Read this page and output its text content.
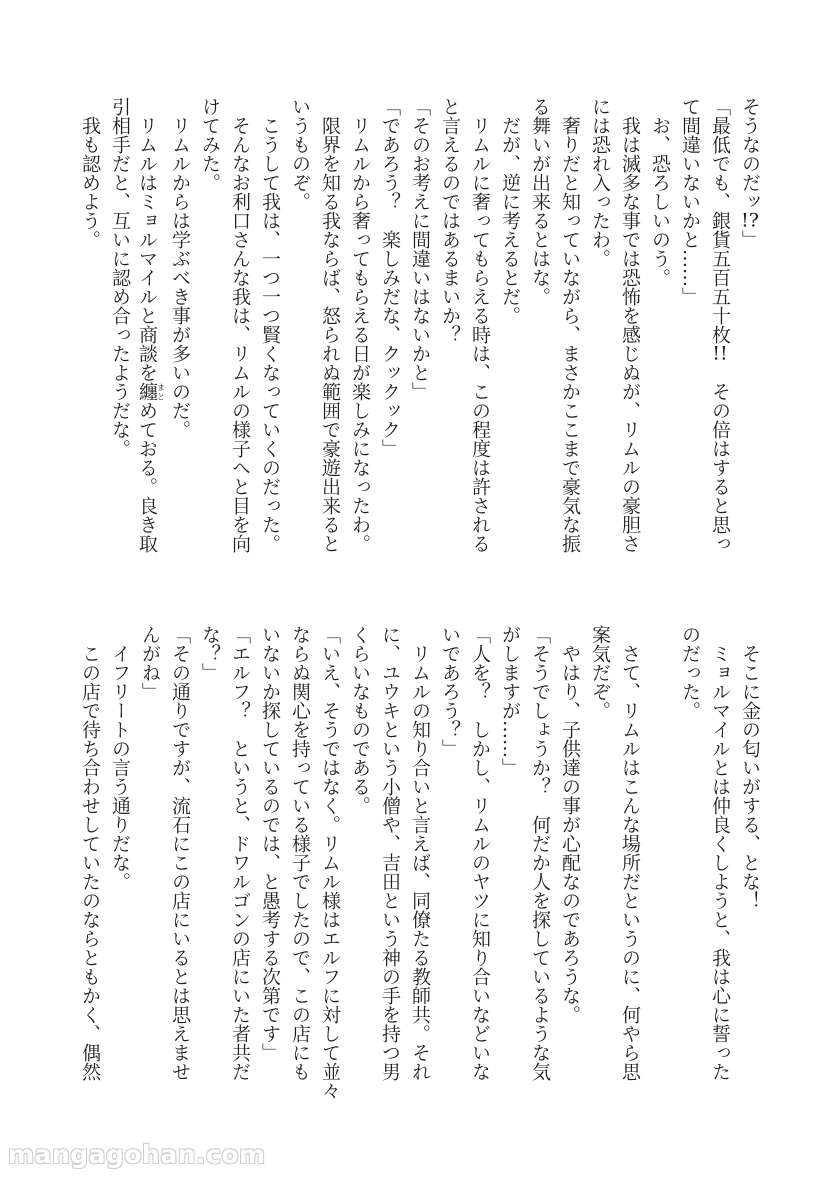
そうなのだッ!?」

「最低でも、銀貨五百五十枚!!　その倍はすると思っ

て間違いないかと……」

お、恐ろしいのう。

我は滅多な事では恐怖を感じぬが、リムルの豪胆さ

には恐れ入ったわ。

奢りだと知っていながら、まさかここまで豪気な振

る舞いが出来るとはな。

だが、逆に考えるとだ。

リムルに奢ってもらえる時は、この程度は許される

と言えるのではあるまいか？

「そのお考えに間違いはないかと」

「であろう？　楽しみだな、クックック」

リムルから奢ってもらえる日が楽しみになったわ。

限界を知る我ならば、怒られぬ範囲で豪遊出来ると

いうものぞ。

こうして我は、一つ一つ賢くなっていくのだった。

そんなお利口さんな我は、リムルの様子へと目を向

けてみた。

リムルからは学ぶべき事が多いのだ。

リムルはミョルマイルと商談を纏まとめておる。良き取

引相手だと、互いに認め合ったようだな。

我も認めよう。

そこに金の匂いがする、とな！

ミョルマイルとは仲良くしようと、我は心に誓った

のだった。

さて、リムルはこんな場所だというのに、何やら思

案気だぞ。

やはり、子供達の事が心配なのであろうな。

「そうでしょうか？　何だか人を探しているような気

がしますが……」

「人を？　しかし、リムルのヤツに知り合いなどいな

いであろう？」

リムルの知り合いと言えば、同僚たる教師共。それ

に、ユウキという小僧や、吉田という神の手を持つ男

くらいなものである。

「いえ、そうではなく。リムル様はエルフに対して並々

ならぬ関心を持っている様子でしたので、この店にも

いないか探しているのでは、と愚考する次第です」

「エルフ？　というと、ドワルゴンの店にいた者共だ

な？」

「その通りですが、流石にこの店にいるとは思えませ

んがね」

イフリートの言う通りだな。

この店で待ち合わせしていたのならともかく、偶然

mangagohan.com
